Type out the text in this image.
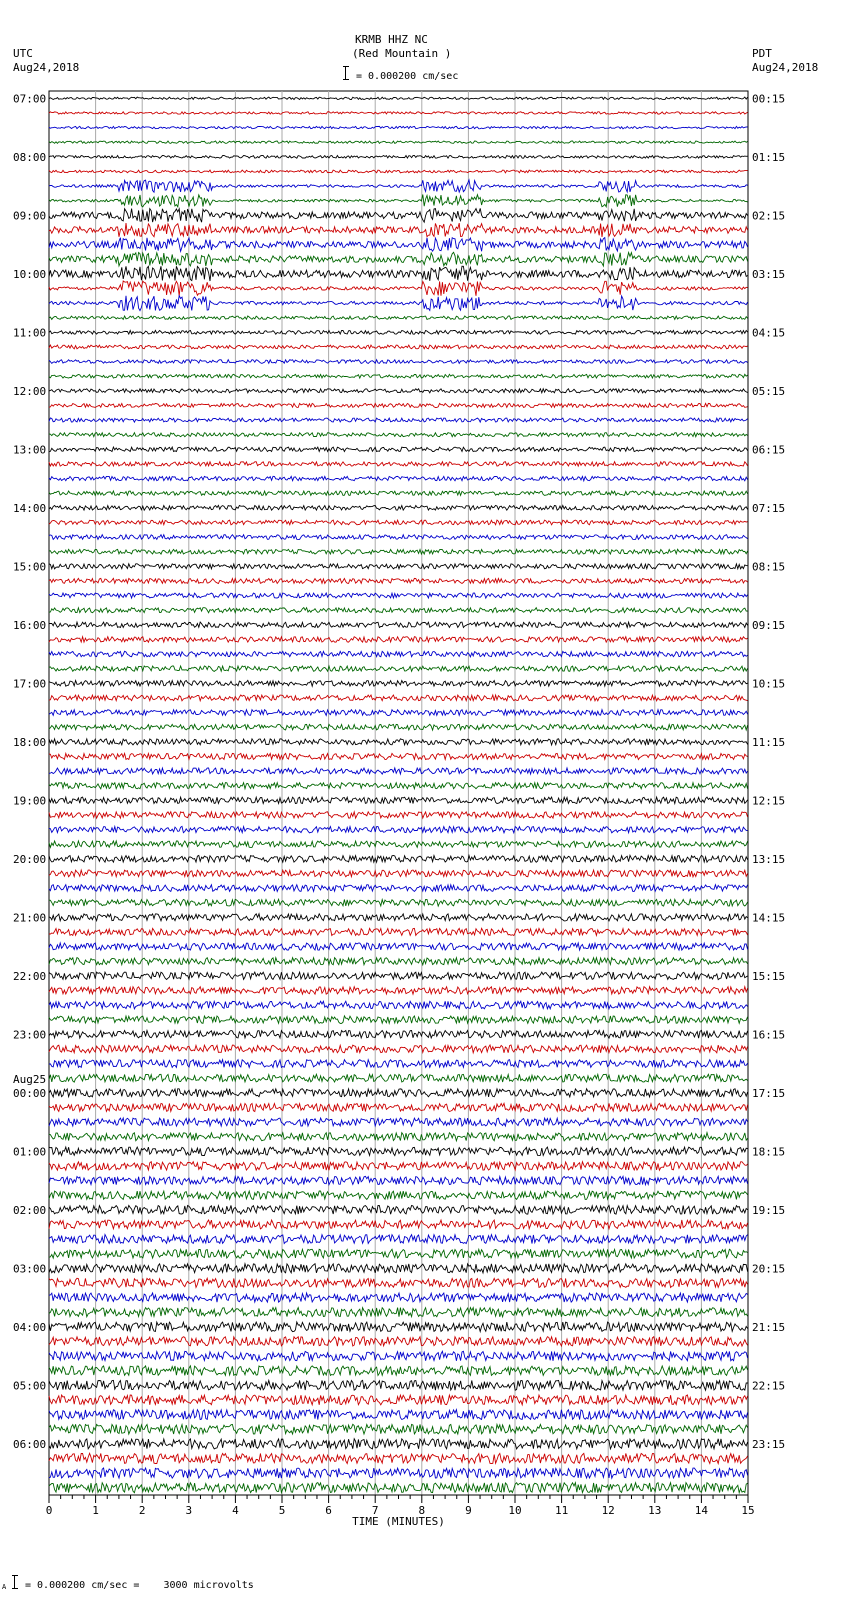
KRMB HHZ NC
(Red Mountain )
= 0.000200 cm/sec
UTC
Aug24,2018
PDT
Aug24,2018
0	1	2	3	4	5	6	7	8	9	10	11	12	13	14	15
TIME (MINUTES)
07:00	00:15
08:00	01:15
09:00	02:15
10:00	03:15
11:00	04:15
12:00	05:15
13:00	06:15
14:00	07:15
15:00	08:15
16:00	09:15
17:00	10:15
18:00	11:15
19:00	12:15
20:00	13:15
21:00	14:15
22:00	15:15
23:00	16:15
00:00	17:15
Aug25
01:00	18:15
02:00	19:15
03:00	20:15
04:00	21:15
05:00	22:15
06:00	23:15
A = 0.000200 cm/sec =    3000 microvolts
